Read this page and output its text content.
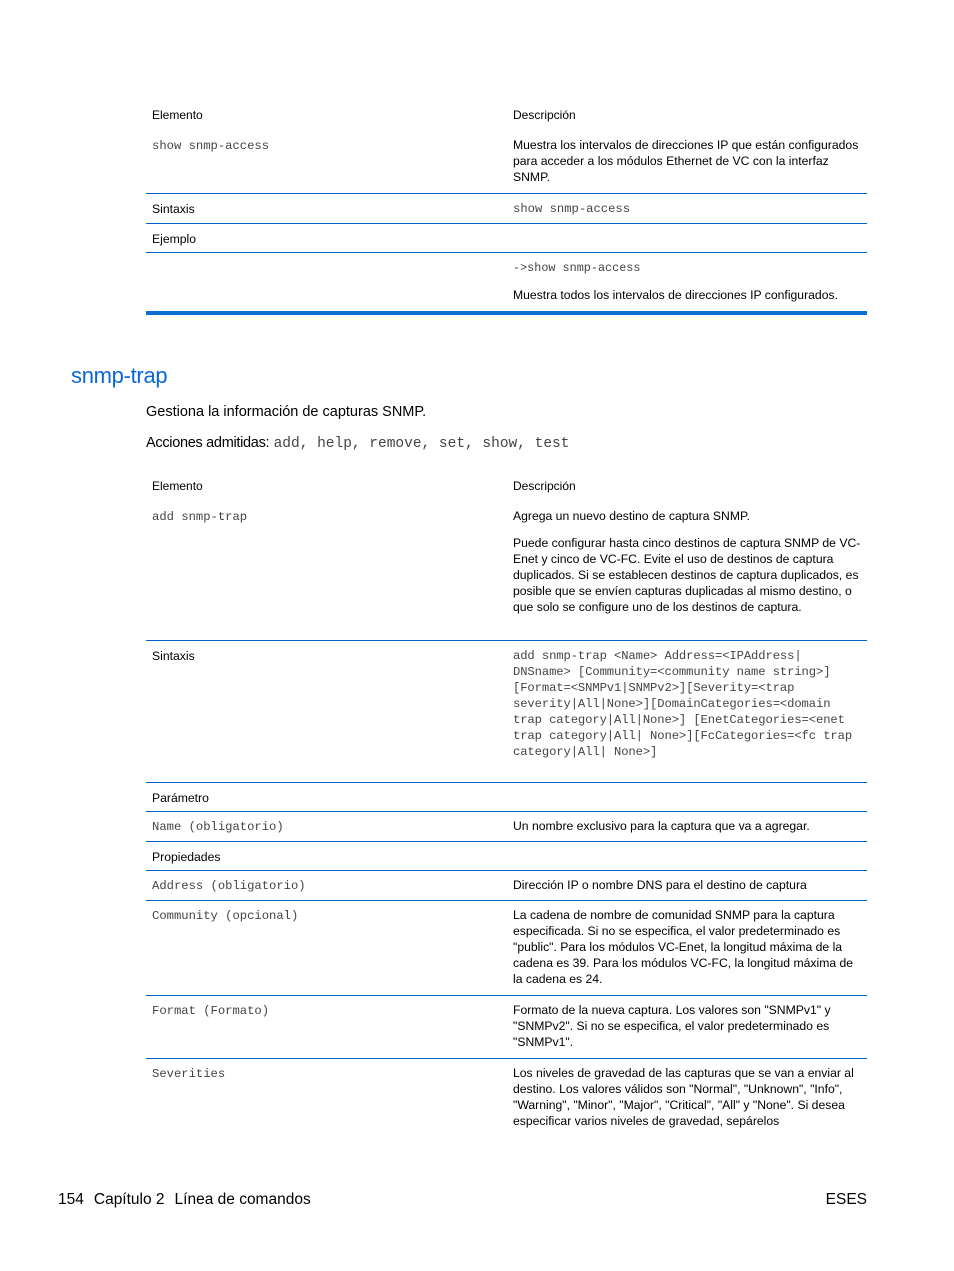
Elemento	Descripción
show snmp-access	Muestra los intervalos de direcciones IP que están configurados para acceder a los módulos Ethernet de VC con la interfaz SNMP.
Sintaxis	show snmp-access
Ejemplo	

	->show snmp-access

Muestra todos los intervalos de direcciones IP configurados.

snmp-trap

Gestiona la información de capturas SNMP.

Acciones admitidas: add, help, remove, set, show, test

Elemento	Descripción
add snmp-trap	Agrega un nuevo destino de captura SNMP.

Puede configurar hasta cinco destinos de captura SNMP de VC-Enet y cinco de VC-FC. Evite el uso de destinos de captura duplicados. Si se establecen destinos de captura duplicados, es posible que se envíen capturas duplicadas al mismo destino, o que solo se configure uno de los destinos de captura.

Sintaxis	add snmp-trap <Name> Address=<IPAddress| DNSname> [Community=<community name string>] [Format=<SNMPv1|SNMPv2>][Severity=<trap severity|All|None>][DomainCategories=<domain trap category|All|None>] [EnetCategories=<enet trap category|All| None>][FcCategories=<fc trap category|All| None>]
Parámetro	
Name (obligatorio)	Un nombre exclusivo para la captura que va a agregar.
Propiedades	
Address (obligatorio)	Dirección IP o nombre DNS para el destino de captura
Community (opcional)	La cadena de nombre de comunidad SNMP para la captura especificada. Si no se especifica, el valor predeterminado es "public". Para los módulos VC-Enet, la longitud máxima de la cadena es 39. Para los módulos VC-FC, la longitud máxima de la cadena es 24.
Format (Formato)	Formato de la nueva captura. Los valores son "SNMPv1" y "SNMPv2". Si no se especifica, el valor predeterminado es "SNMPv1".
Severities	Los niveles de gravedad de las capturas que se van a enviar al destino. Los valores válidos son "Normal", "Unknown", "Info", "Warning", "Minor", "Major", "Critical", "All" y "None". Si desea especificar varios niveles de gravedad, sepárelos
154 Capítulo 2 Línea de comandos	ESES
